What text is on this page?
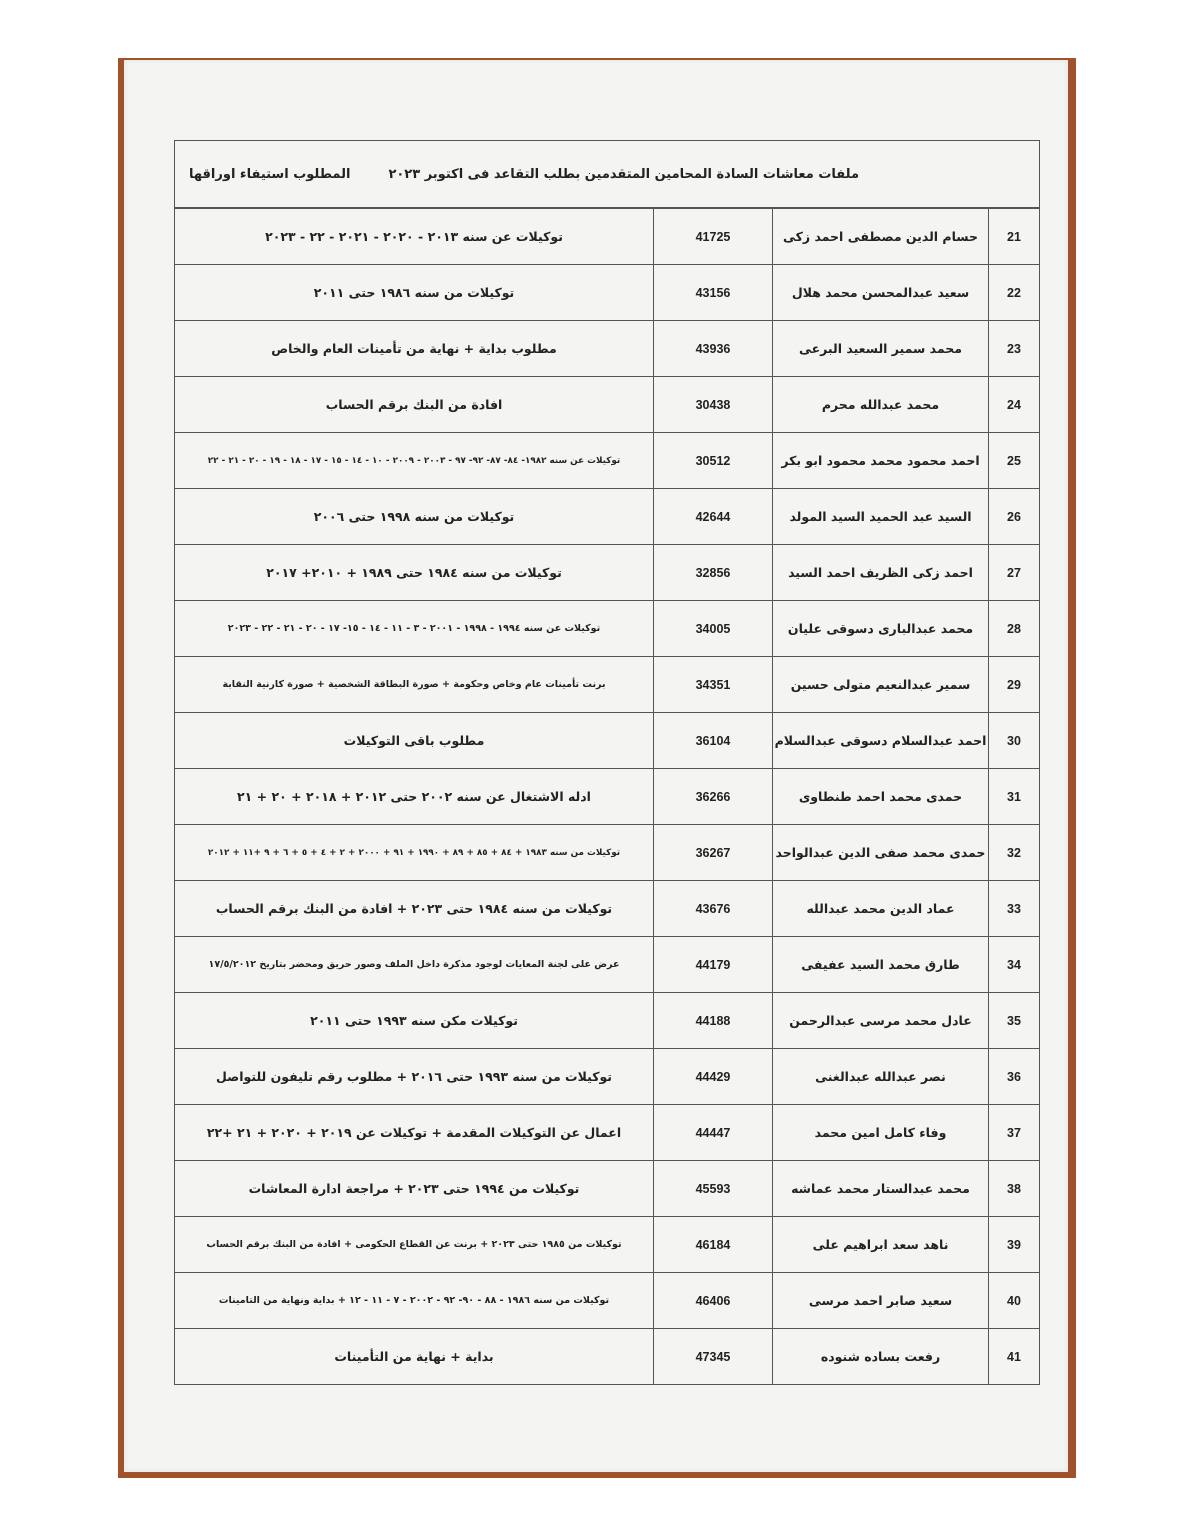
ملفات معاشات السادة المحامين المتقدمين بطلب التقاعد فى اكتوبر ٢٠٢٣
المطلوب استيفاء اوراقها
21	حسام الدين مصطفى احمد زكى	41725	توكيلات عن سنه ٢٠١٣ - ٢٠٢٠ - ٢٠٢١ - ٢٢ - ٢٠٢٣
22	سعيد عبدالمحسن محمد هلال	43156	توكيلات من سنه ١٩٨٦ حتى ٢٠١١
23	محمد سمير السعيد البرعى	43936	مطلوب بداية + نهاية من تأمينات العام والخاص
24	محمد عبدالله محرم	30438	افادة من البنك برقم الحساب
25	احمد محمود محمد محمود ابو بكر	30512	توكيلات عن سنه ١٩٨٢- ٨٤- ٨٧- ٩٢- ٩٧ - ٢٠٠٣ - ٢٠٠٩ - ١٠ - ١٤ - ١٥ - ١٧ - ١٨ - ١٩ - ٢٠ - ٢١ - ٢٢
26	السيد عبد الحميد السيد المولد	42644	توكيلات من سنه ١٩٩٨ حتى ٢٠٠٦
27	احمد زكى الظريف احمد السيد	32856	توكيلات من سنه ١٩٨٤ حتى ١٩٨٩ + ٢٠١٠+ ٢٠١٧
28	محمد عبدالبارى دسوقى عليان	34005	توكيلات عن سنه ١٩٩٤ - ١٩٩٨ - ٢٠٠١ - ٣ - ١١ - ١٤ - ١٥- ١٧ - ٢٠ - ٢١ - ٢٢ - ٢٠٢٣
29	سمير عبدالنعيم متولى حسين	34351	برنت تأمينات عام وخاص وحكومة + صورة البطاقة الشخصية + صورة كارنية النقابة
30	احمد عبدالسلام دسوقى عبدالسلام	36104	مطلوب باقى التوكيلات
31	حمدى محمد احمد طنطاوى	36266	ادله الاشتغال عن سنه ٢٠٠٢ حتى ٢٠١٢ + ٢٠١٨ + ٢٠ + ٢١
32	حمدى محمد صفى الدين عبدالواحد	36267	توكيلات من سنه ١٩٨٣ + ٨٤ + ٨٥ + ٨٩ + ١٩٩٠ + ٩١ + ٢٠٠٠ + ٢ + ٤ + ٥ + ٦ + ٩ +١١ + ٢٠١٢
33	عماد الدين محمد عبدالله	43676	توكيلات من سنه ١٩٨٤ حتى ٢٠٢٣ + افادة من البنك برقم الحساب
34	طارق محمد السيد عفيفى	44179	عرض على لجنة المعايات لوجود مذكرة داخل الملف وصور حريق ومحضر بتاريخ ١٧/٥/٢٠١٢
35	عادل محمد مرسى عبدالرحمن	44188	توكيلات مكن سنه ١٩٩٣ حتى ٢٠١١
36	نصر عبدالله عبدالغنى	44429	توكيلات من سنه ١٩٩٣ حتى ٢٠١٦ + مطلوب رقم تليفون للتواصل
37	وفاء كامل امين محمد	44447	اعمال عن التوكيلات المقدمة + توكيلات عن ٢٠١٩ + ٢٠٢٠ + ٢١ +٢٢
38	محمد عبدالستار محمد عماشه	45593	توكيلات من ١٩٩٤ حتى ٢٠٢٣ + مراجعة ادارة المعاشات
39	ناهد سعد ابراهيم على	46184	توكيلات من ١٩٨٥ حتى ٢٠٢٣ + برنت عن القطاع الحكومى + افادة من البنك برقم الحساب
40	سعيد صابر احمد مرسى	46406	توكيلات من سنه ١٩٨٦ - ٨٨ - ٩٠- ٩٢ - ٢٠٠٢ - ٧ - ١١ - ١٢ + بداية ونهاية من التامينات
41	رفعت بساده شنوده	47345	بداية + نهاية من التأمينات
